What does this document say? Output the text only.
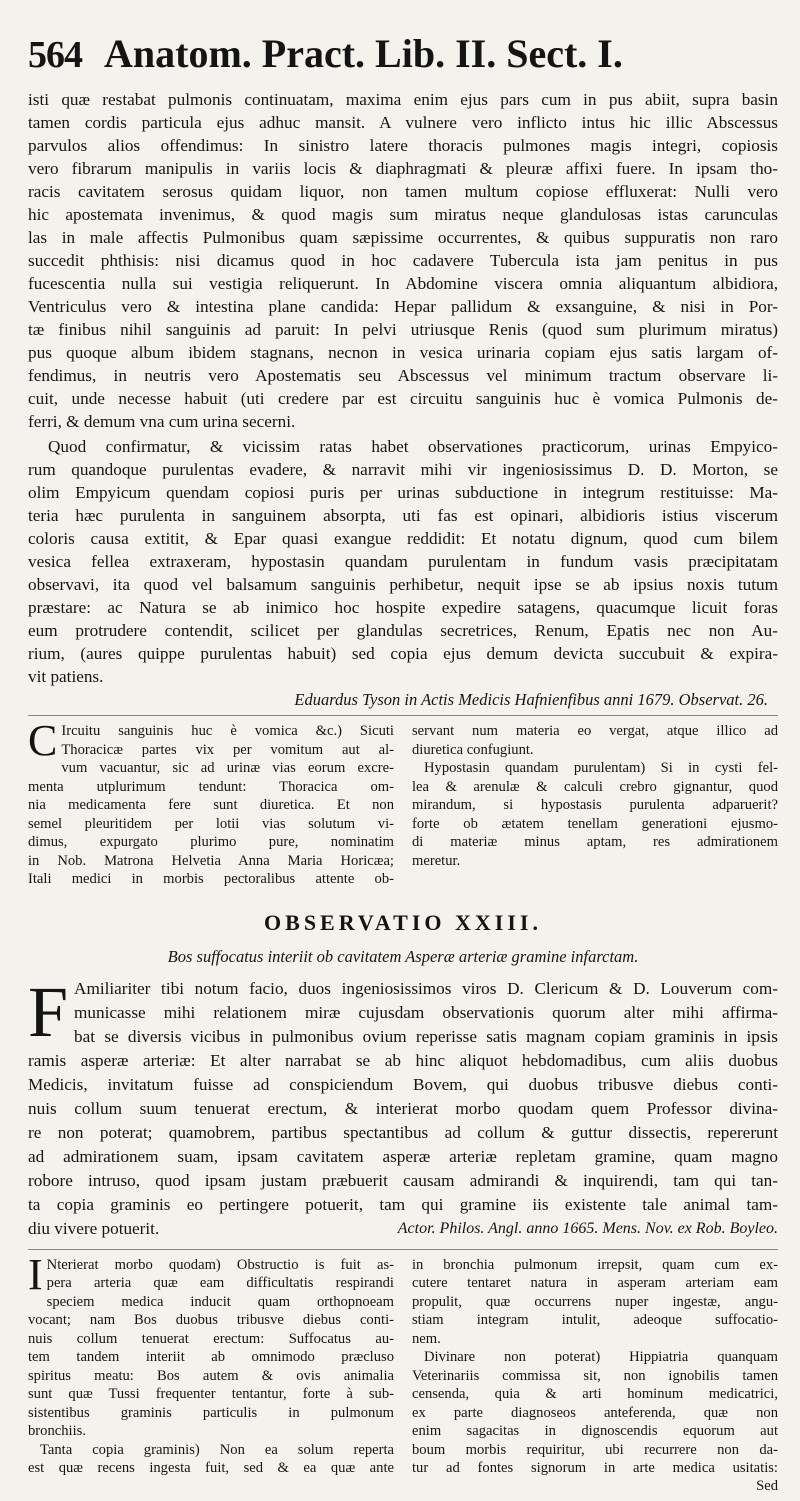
564 Anatom. Pract. Lib. II. Sect. I.
isti quæ restabat pulmonis continuatam, maxima enim ejus pars cum in pus abiit, supra basin
tamen cordis particula ejus adhuc mansit. A vulnere vero inflicto intus hic illic Abscessus
parvulos alios offendimus: In sinistro latere thoracis pulmones magis integri, copiosis
vero fibrarum manipulis in variis locis & diaphragmati & pleuræ affixi fuere. In ipsam tho-
racis cavitatem serosus quidam liquor, non tamen multum copiose effluxerat: Nulli vero
hic apostemata invenimus, & quod magis sum miratus neque glandulosas istas carunculas
las in male affectis Pulmonibus quam sæpissime occurrentes, & quibus suppuratis non raro
succedit phthisis: nisi dicamus quod in hoc cadavere Tubercula ista jam penitus in pus
fucescentia nulla sui vestigia reliquerunt. In Abdomine viscera omnia aliquantum albidiora,
Ventriculus vero & intestina plane candida: Hepar pallidum & exsanguine, & nisi in Por-
tæ finibus nihil sanguinis ad paruit: In pelvi utriusque Renis (quod sum plurimum miratus)
pus quoque album ibidem stagnans, necnon in vesica urinaria copiam ejus satis largam of-
fendimus, in neutris vero Apostematis seu Abscessus vel minimum tractum observare li-
cuit, unde necesse habuit (uti credere par est circuitu sanguinis huc è vomica Pulmonis de-
ferri, & demum vna cum urina secerni.
Quod confirmatur, & vicissim ratas habet observationes practicorum, urinas Empyico-
rum quandoque purulentas evadere, & narravit mihi vir ingeniosissimus D. D. Morton, se
olim Empyicum quendam copiosi puris per urinas subductione in integrum restituisse: Ma-
teria hæc purulenta in sanguinem absorpta, uti fas est opinari, albidioris istius viscerum
coloris causa extitit, & Epar quasi exangue reddidit: Et notatu dignum, quod cum bilem
vesica fellea extraxeram, hypostasin quandam purulentam in fundum vasis præcipitatam
observavi, ita quod vel balsamum sanguinis perhibetur, nequit ipse se ab ipsius noxis tutum
præstare: ac Natura se ab inimico hoc hospite expedire satagens, quacumque licuit foras
eum protrudere contendit, scilicet per glandulas secretrices, Renum, Epatis nec non Au-
rium, (aures quippe purulentas habuit) sed copia ejus demum devicta succubuit & expira-
vit patiens.
Eduardus Tyson in Actis Medicis Hafnienfibus anni 1679. Observat. 26.
C Ircuitu sanguinis huc è vomica &c.) Sicuti
Thoracicæ partes vix per vomitum aut al-
vum vacuantur, sic ad urinæ vias eorum excre-
menta utplurimum tendunt: Thoracica om-
nia medicamenta fere sunt diuretica. Et non
semel pleuritidem per lotii vias solutum vi-
dimus, expurgato plurimo pure, nominatim
in Nob. Matrona Helvetia Anna Maria Horicæa;
Itali medici in morbis pectoralibus attente ob-
servant num materia eo vergat, atque illico ad
diuretica confugiunt.
Hypostasin quandam purulentam) Si in cysti fel-
lea & arenulæ & calculi crebro gignantur, quod
mirandum, si hypostasis purulenta adparuerit?
forte ob ætatem tenellam generationi ejusmo-
di materiæ minus aptam, res admirationem
meretur.
OBSERVATIO XXIII.
Bos suffocatus interiit ob cavitatem Asperæ arteriæ gramine infarctam.
F Amiliariter tibi notum facio, duos ingeniosissimos viros D. Clericum & D. Louverum com-
municasse mihi relationem miræ cujusdam observationis quorum alter mihi affirma-
bat se diversis vicibus in pulmonibus ovium reperisse satis magnam copiam graminis in ipsis
ramis asperæ arteriæ: Et alter narrabat se ab hinc aliquot hebdomadibus, cum aliis duobus
Medicis, invitatum fuisse ad conspiciendum Bovem, qui duobus tribusve diebus conti-
nuis collum suum tenuerat erectum, & interierat morbo quodam quem Professor divina-
re non poterat; quamobrem, partibus spectantibus ad collum & guttur dissectis, repererunt
ad admirationem suam, ipsam cavitatem asperæ arteriæ repletam gramine, quam magno
robore intruso, quod ipsam justam præbuerit causam admirandi & inquirendi, tam qui tan-
ta copia graminis eo pertingere potuerit, tam qui gramine iis existente tale animal tam-
diu vivere potuerit.	Actor. Philos. Angl. anno 1665. Mens. Nov. ex Rob. Boyleo.
I Nterierat morbo quodam) Obstructio is fuit as-
pera arteria quæ eam difficultatis respirandi
speciem medica inducit quam orthopnoeam
vocant; nam Bos duobus tribusve diebus conti-
nuis collum tenuerat erectum: Suffocatus au-
tem tandem interiit ab omnimodo præcluso
spiritus meatu: Bos autem & ovis animalia
sunt quæ Tussi frequenter tentantur, forte à sub-
sistentibus graminis particulis in pulmonum
bronchiis.
Tanta copia graminis) Non ea solum reperta
est quæ recens ingesta fuit, sed & ea quæ ante
in bronchia pulmonum irrepsit, quam cum ex-
cutere tentaret natura in asperam arteriam eam
propulit, quæ occurrens nuper ingestæ, angu-
stiam integram intulit, adeoque suffocatio-
nem.
Divinare non poterat) Hippiatria quanquam
Veterinariis commissa sit, non ignobilis tamen
censenda, quia & arti hominum medicatrici,
ex parte diagnoseos anteferenda, quæ non
enim sagacitas in dignoscendis equorum aut
boum morbis requiritur, ubi recurrere non da-
tur ad fontes signorum in arte medica usitatis:
Sed
